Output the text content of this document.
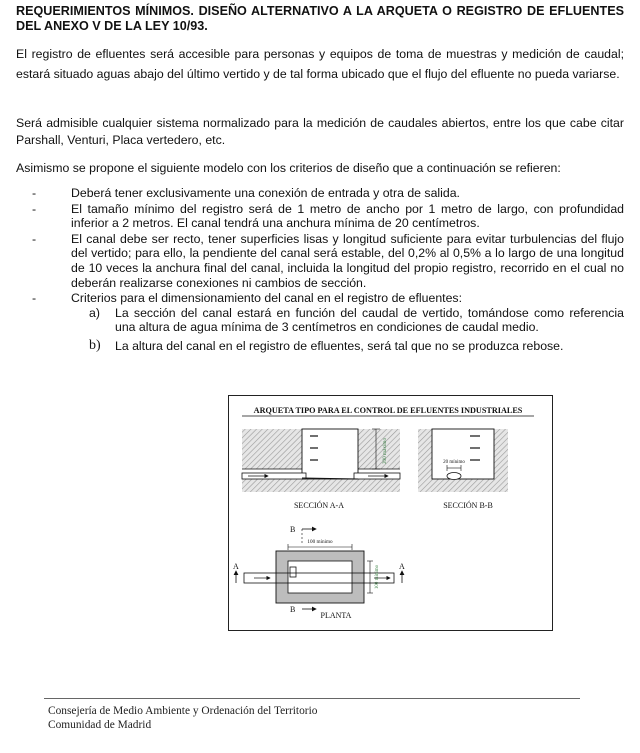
REQUERIMIENTOS MÍNIMOS. DISEÑO ALTERNATIVO A LA ARQUETA O REGISTRO DE EFLUENTES DEL ANEXO V DE LA LEY 10/93.
El registro de efluentes será accesible para personas y equipos de toma de muestras y medición de caudal; estará situado aguas abajo del último vertido y de tal forma ubicado que el flujo del efluente no pueda variarse.
Será admisible cualquier sistema normalizado para la medición de caudales abiertos, entre los que cabe citar Parshall, Venturi, Placa vertedero, etc.
Asimismo se propone el siguiente modelo con los criterios de diseño que a continuación se refieren:
-	Deberá tener exclusivamente una conexión de entrada y otra de salida.
-	El tamaño mínimo del registro será de 1 metro de ancho por 1 metro de largo, con profundidad inferior a 2 metros. El canal tendrá una anchura mínima de 20 centímetros.
-	El canal debe ser recto, tener superficies lisas y longitud suficiente para evitar turbulencias del flujo del vertido; para ello, la pendiente del canal será estable, del 0,2% al 0,5% a lo largo de una longitud de 10 veces la anchura final del canal, incluida la longitud del propio registro, recorrido en el cual no deberán realizarse conexiones ni cambios de sección.
-	Criterios para el dimensionamiento del canal en el registro de efluentes:
a) La sección del canal estará en función del caudal de vertido, tomándose como referencia una altura de agua mínima de 3 centímetros en condiciones de caudal medio.
b) La altura del canal en el registro de efluentes, será tal que no se produzca rebose.
ARQUETA TIPO PARA EL CONTROL DE EFLUENTES INDUSTRIALES
200 máximo
SECCIÓN A-A
20 mínimo
SECCIÓN B-B
100 mínimo
100 mínimo
B
B
A	A
PLANTA
Consejería de Medio Ambiente y Ordenación del Territorio
Comunidad de Madrid
